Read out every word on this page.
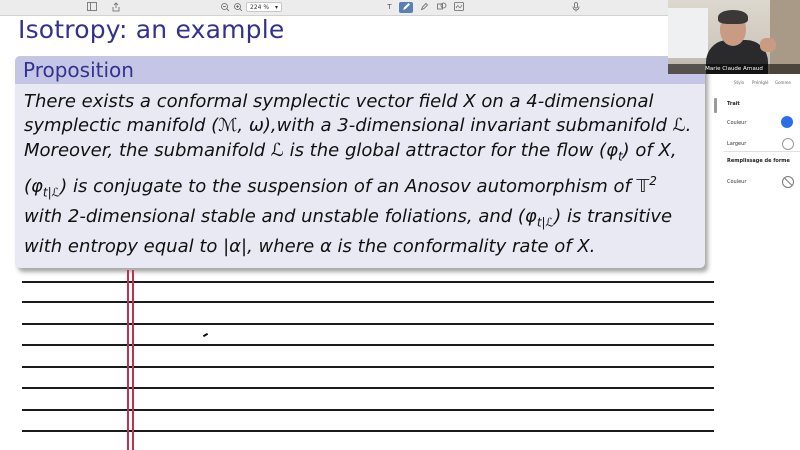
224 % ▾	T
Isotropy: an example
Proposition
There exists a conformal symplectic vector field X on a 4-dimensional
symplectic manifold (ℳ, ω),with a 3-dimensional invariant submanifold ℒ.
Moreover, the submanifold ℒ is the global attractor for the flow $(\varphi_t)$ of X,
$(\varphi_{t|ℒ})$ is conjugate to the suspension of an Anosov automorphism of 𝕋$^2$
with 2-dimensional stable and unstable foliations, and $(\varphi_{t|ℒ})$ is transitive
with entropy equal to |α|, where α is the conformality rate of X.
Stylo Préréglé Gomme
Trait
Couleur
Largeur
Remplissage de forme
Couleur
Marie Claude Arnaud
